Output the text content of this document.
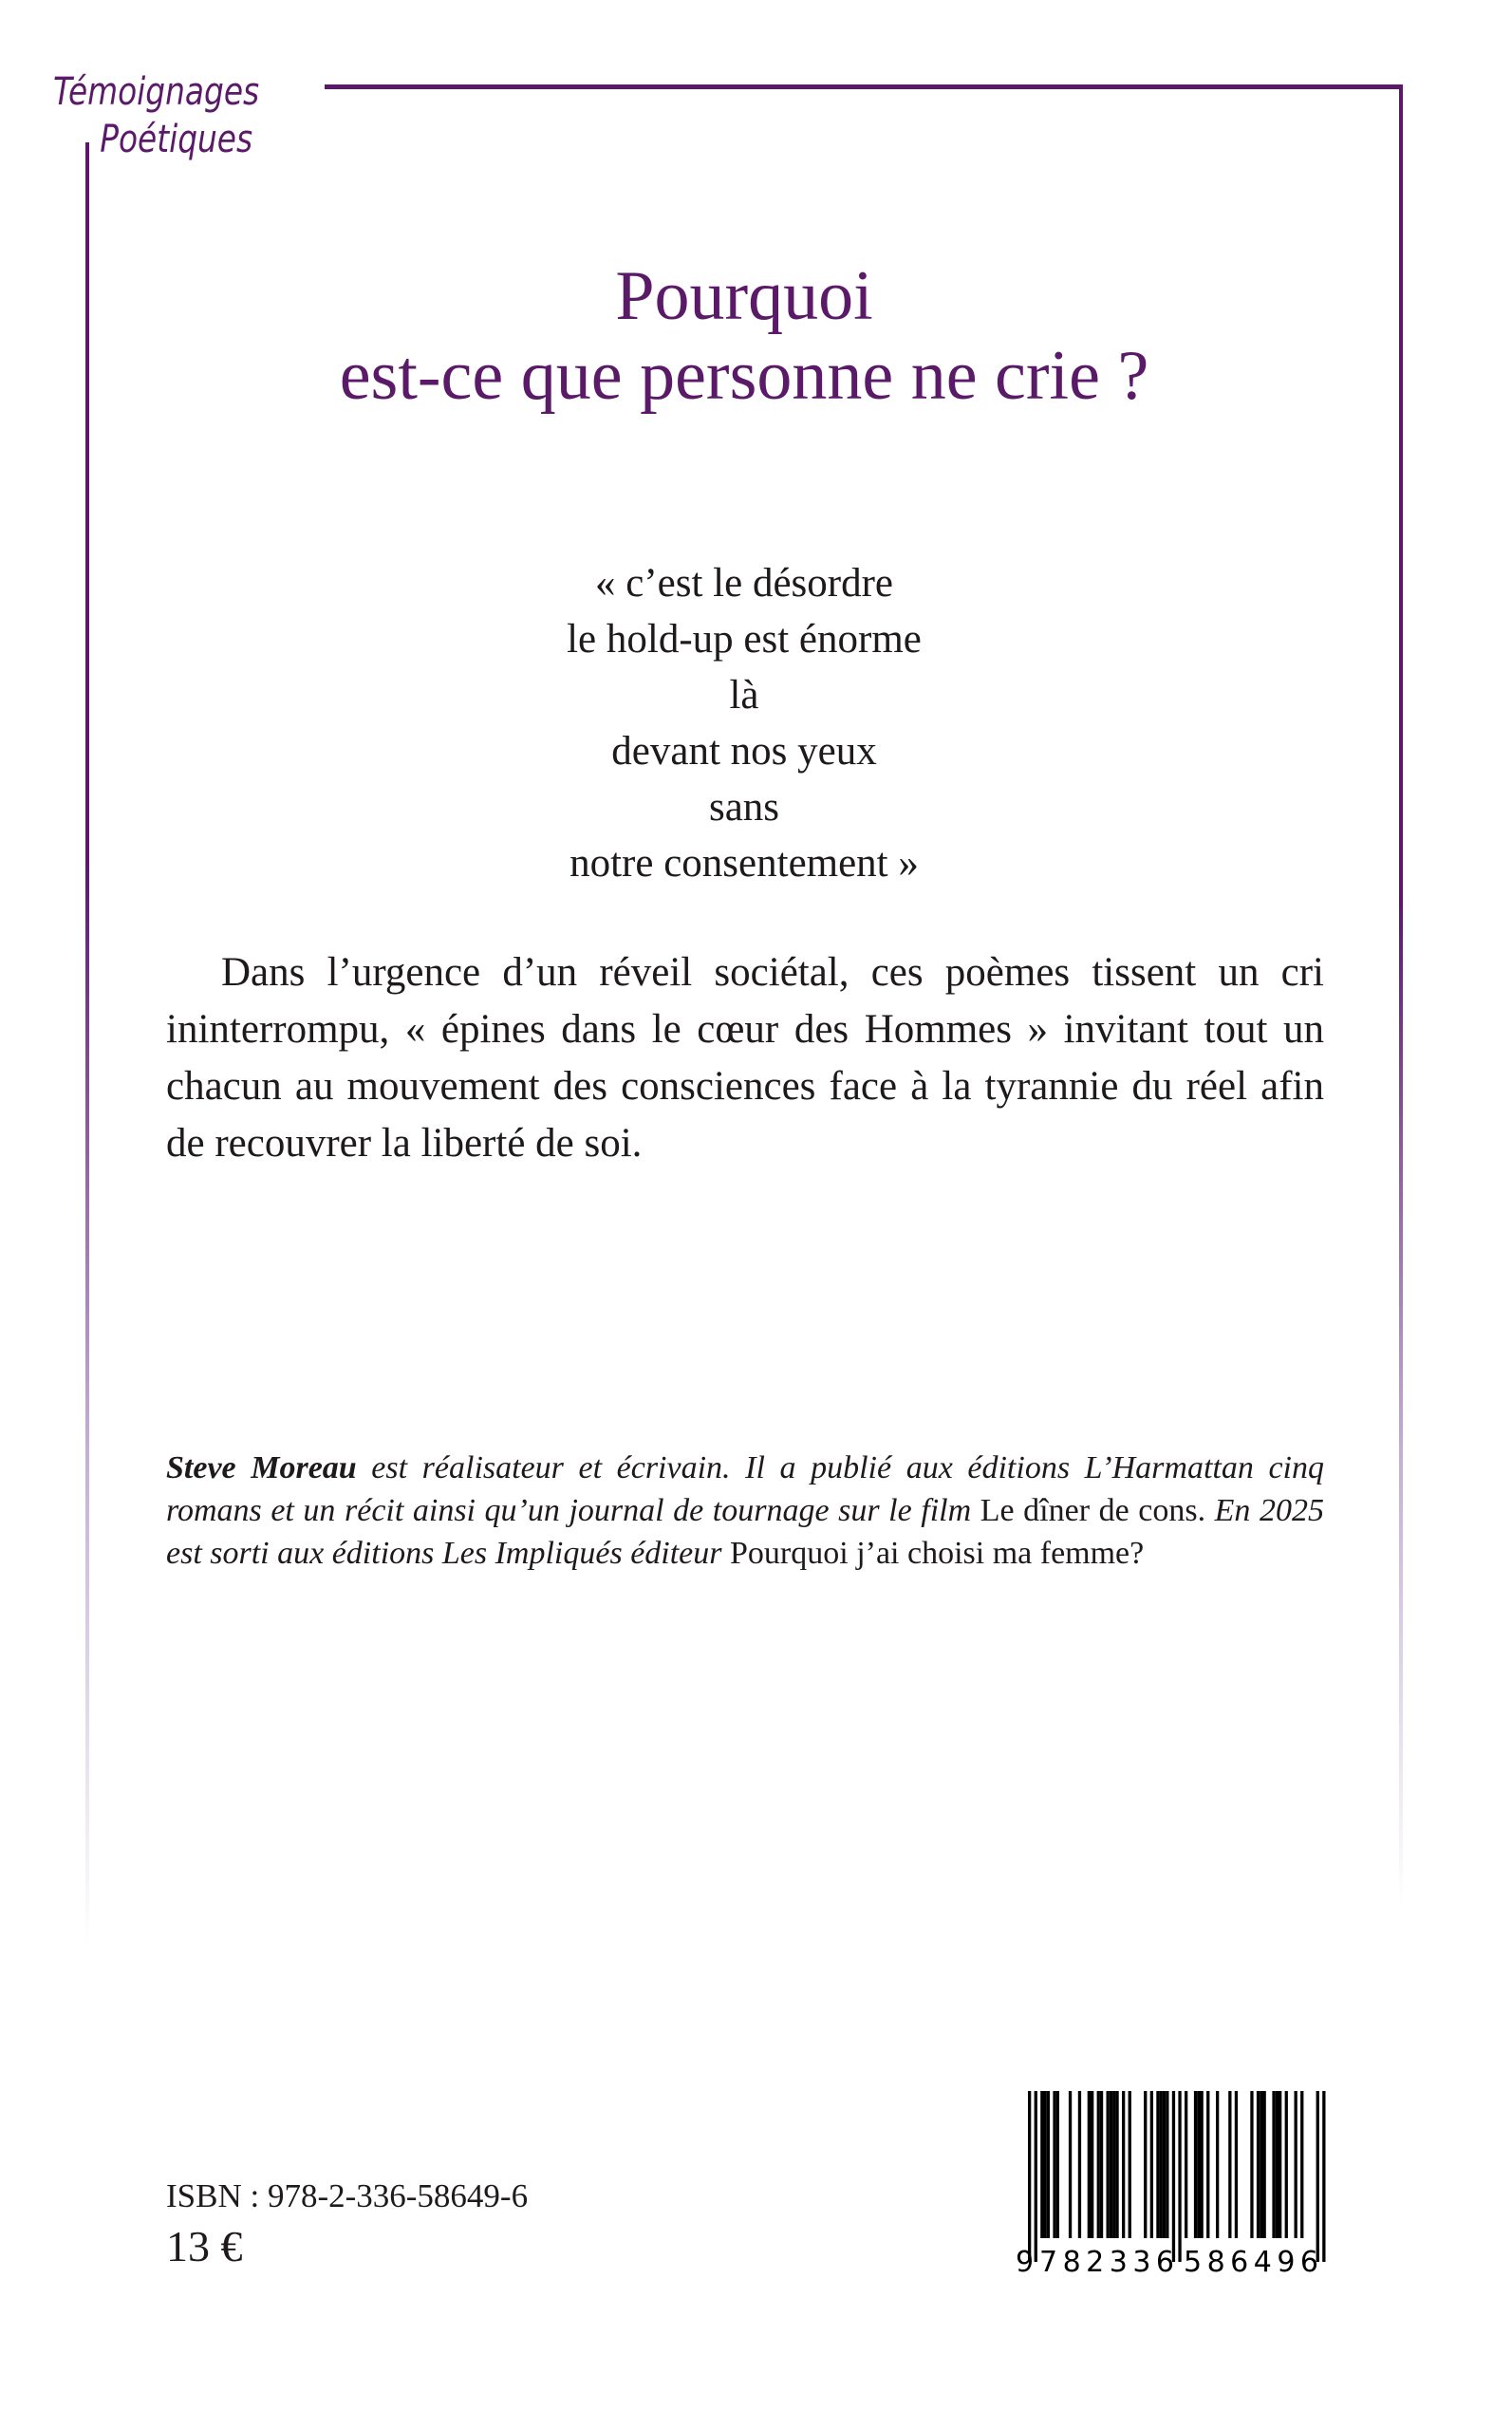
Témoignages
Poétiques
Pourquoi
est-ce que personne ne crie ?
« c’est le désordre
le hold-up est énorme
là
devant nos yeux
sans
notre consentement »
Dans l’urgence d’un réveil sociétal, ces poèmes tissent un cri ininterrompu, « épines dans le cœur des Hommes » invitant tout un chacun au mouvement des consciences face à la tyrannie du réel afin de recouvrer la liberté de soi.
Steve Moreau est réalisateur et écrivain. Il a publié aux éditions L’Harmattan cinq romans et un récit ainsi qu’un journal de tournage sur le film Le dîner de cons. En 2025 est sorti aux éditions Les Impliqués éditeur Pourquoi j’ai choisi ma femme?
ISBN : 978-2-336-58649-6
13 €	9 782336 586496
